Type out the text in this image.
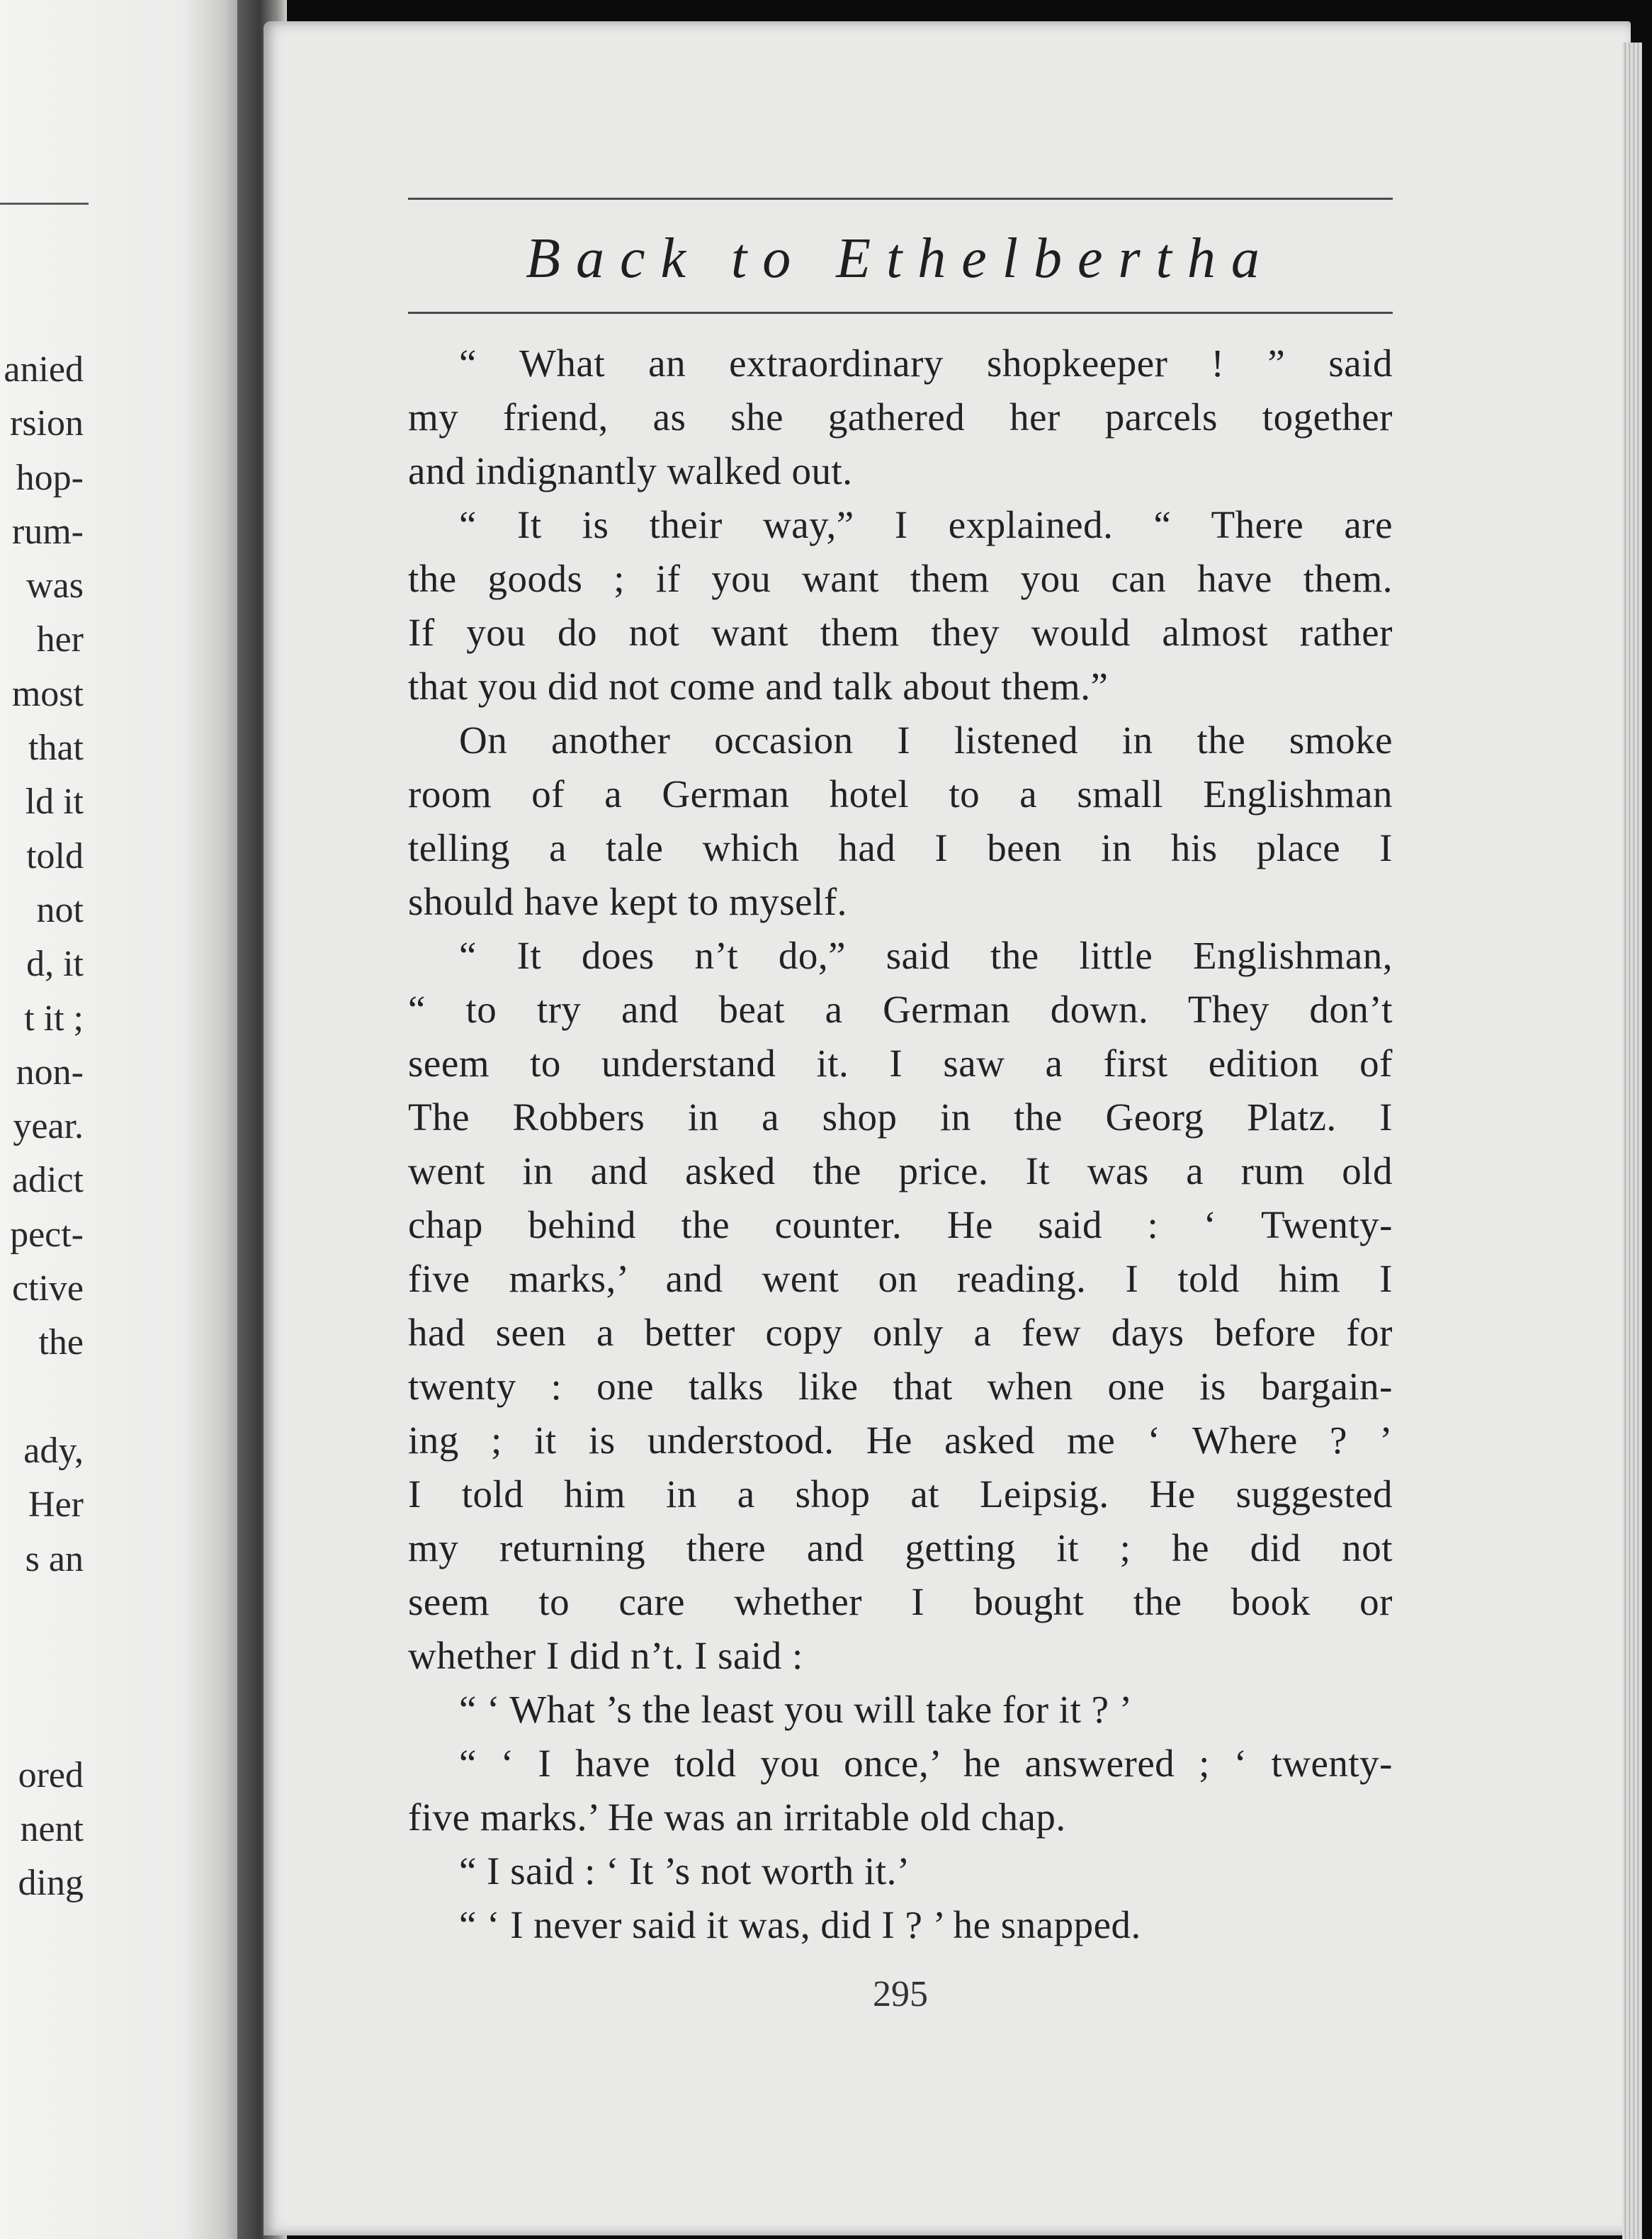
anied
rsion
hop-
rum-
was
her
most
that
ld it
told
not
d, it
t it ;
non-
year.
adict
pect-
ctive
the
ady,
Her
s an
ored
nent
ding
Back to Ethelbertha
“ What an extraordinary shopkeeper ! ” said
my friend, as she gathered her parcels together
and indignantly walked out.
“ It is their way,” I explained. “ There are
the goods ; if you want them you can have them.
If you do not want them they would almost rather
that you did not come and talk about them.”
On another occasion I listened in the smoke
room of a German hotel to a small Englishman
telling a tale which had I been in his place I
should have kept to myself.
“ It does n’t do,” said the little Englishman,
“ to try and beat a German down. They don’t
seem to understand it. I saw a first edition of
The Robbers in a shop in the Georg Platz. I
went in and asked the price. It was a rum old
chap behind the counter. He said : ‘ Twenty-
five marks,’ and went on reading. I told him I
had seen a better copy only a few days before for
twenty : one talks like that when one is bargain-
ing ; it is understood. He asked me ‘ Where ? ’
I told him in a shop at Leipsig. He suggested
my returning there and getting it ; he did not
seem to care whether I bought the book or
whether I did n’t. I said :
“ ‘ What ’s the least you will take for it ? ’
“ ‘ I have told you once,’ he answered ; ‘ twenty-
five marks.’ He was an irritable old chap.
“ I said : ‘ It ’s not worth it.’
“ ‘ I never said it was, did I ? ’ he snapped.
295
